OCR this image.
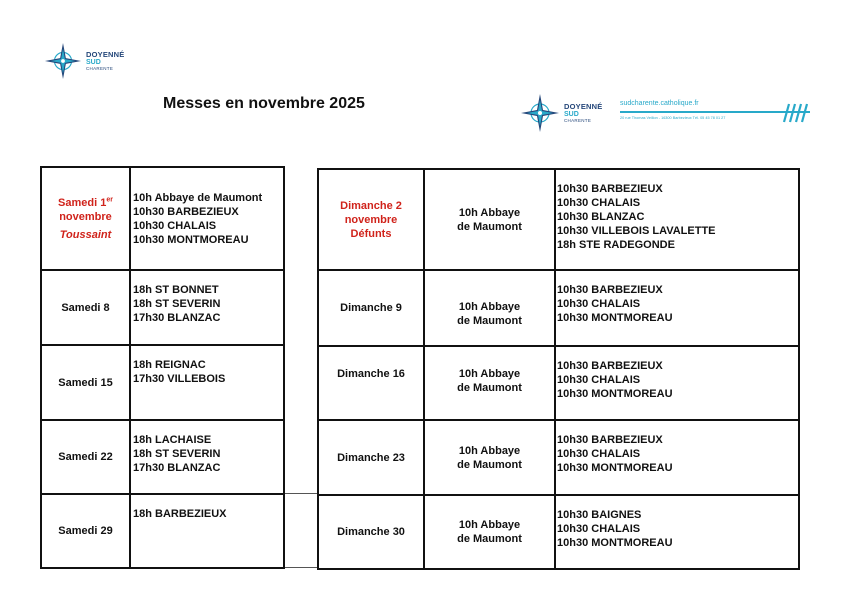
DOYENNÉ
SUD
CHARENTE
Messes en novembre 2025	DOYENNÉ
SUD
CHARENTE
sudcharente.catholique.fr
20 rue Thomas Veillon - 16300 Barbezieux Tél. 05 45 78 01 27
Samedi 1er
novembre
Toussaint	10h Abbaye de Maumont
10h30 BARBEZIEUX
10h30 CHALAIS
10h30 MONTMOREAU

Samedi 8	18h ST BONNET
18h ST SEVERIN
17h30 BLANZAC

Samedi 15	18h REIGNAC
17h30 VILLEBOIS

Samedi 22	18h LACHAISE
18h ST SEVERIN
17h30 BLANZAC

Samedi 29	18h BARBEZIEUX
Dimanche 2
novembre
Défunts	10h Abbaye
de Maumont	10h30 BARBEZIEUX
10h30 CHALAIS
10h30 BLANZAC
10h30 VILLEBOIS LAVALETTE
18h STE RADEGONDE

Dimanche 9	10h Abbaye
de Maumont	10h30 BARBEZIEUX
10h30 CHALAIS
10h30 MONTMOREAU

Dimanche 16	10h Abbaye
de Maumont	10h30 BARBEZIEUX
10h30 CHALAIS
10h30 MONTMOREAU

Dimanche 23	10h Abbaye
de Maumont	10h30 BARBEZIEUX
10h30 CHALAIS
10h30 MONTMOREAU

Dimanche 30	10h Abbaye
de Maumont	10h30 BAIGNES
10h30 CHALAIS
10h30 MONTMOREAU
